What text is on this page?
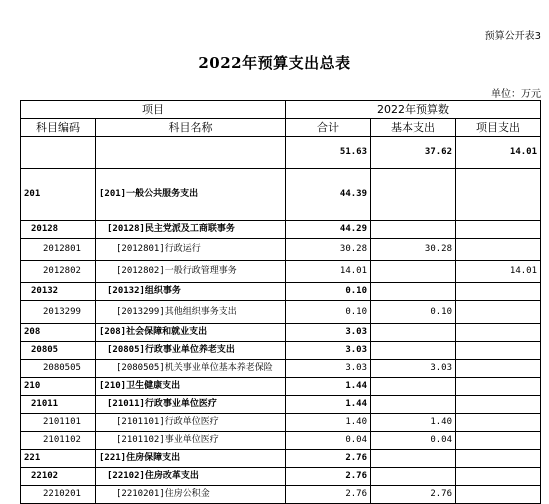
预算公开表3
2022年预算支出总表
单位：万元
项目		2022年预算数		
科目编码	科目名称	合计	基本支出	项目支出
		51.63	37.62	14.01
201	[201]一般公共服务支出	44.39		
20128	[20128]民主党派及工商联事务	44.29		
2012801	[2012801]行政运行	30.28	30.28	
2012802	[2012802]一般行政管理事务	14.01		14.01
20132	[20132]组织事务	0.10		
2013299	[2013299]其他组织事务支出	0.10	0.10	
208	[208]社会保障和就业支出	3.03		
20805	[20805]行政事业单位养老支出	3.03		
2080505	[2080505]机关事业单位基本养老保险	3.03	3.03	
210	[210]卫生健康支出	1.44		
21011	[21011]行政事业单位医疗	1.44		
2101101	[2101101]行政单位医疗	1.40	1.40	
2101102	[2101102]事业单位医疗	0.04	0.04	
221	[221]住房保障支出	2.76		
22102	[22102]住房改革支出	2.76		
2210201	[2210201]住房公积金	2.76	2.76	
